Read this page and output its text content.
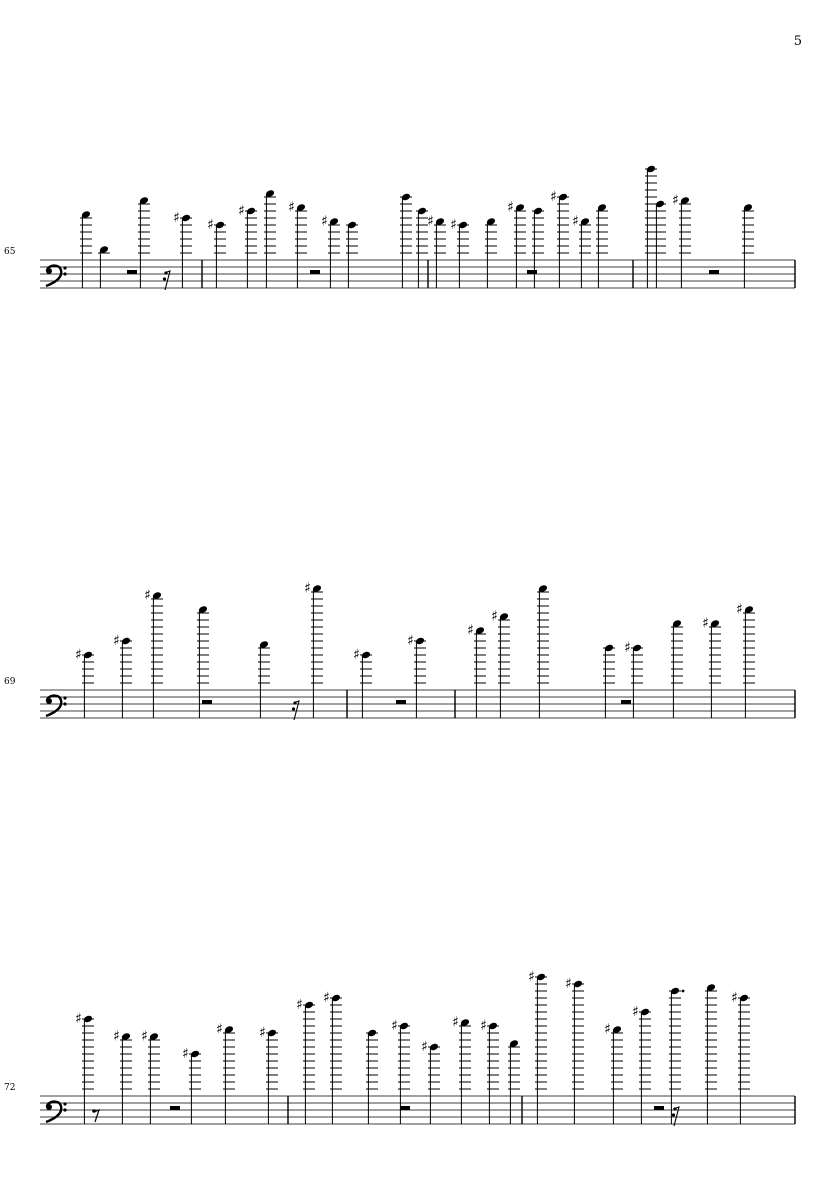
5
65
♯ ♯
♯	♯
♯	♯ ♯
♯
♯
♯
♯
69
♯
♯
♯	♯
♯
♯
♯
♯
♯
♯
♯
72
♯
♯ ♯
♯
♯	♯
♯ ♯
♯
♯
♯ ♯
♯ ♯
♯
♯
♯
